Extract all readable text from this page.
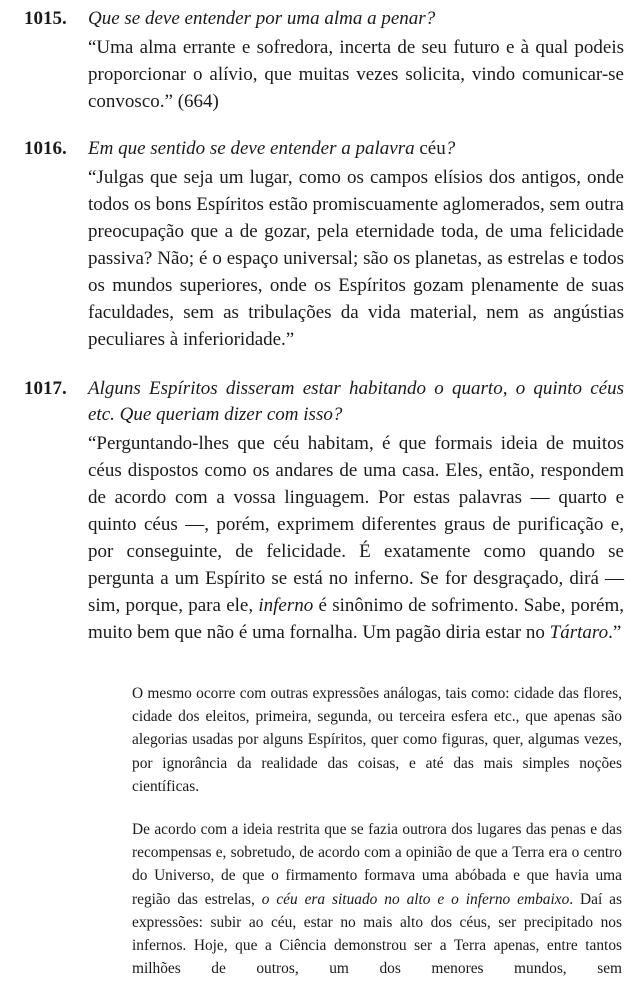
1015. Que se deve entender por uma alma a penar?
“Uma alma errante e sofredora, incerta de seu futuro e à qual podeis proporcionar o alívio, que muitas vezes solicita, vindo comunicar-se convosco.” (664)
1016. Em que sentido se deve entender a palavra céu?
“Julgas que seja um lugar, como os campos elísios dos antigos, onde todos os bons Espíritos estão promiscuamente aglomerados, sem outra preocupação que a de gozar, pela eternidade toda, de uma felicidade passiva? Não; é o espaço universal; são os planetas, as estrelas e todos os mundos superiores, onde os Espíritos gozam plenamente de suas faculdades, sem as tribulações da vida material, nem as angústias peculiares à inferioridade.”
1017. Alguns Espíritos disseram estar habitando o quarto, o quinto céus etc. Que queriam dizer com isso?
“Perguntando-lhes que céu habitam, é que formais ideia de muitos céus dispostos como os andares de uma casa. Eles, então, respondem de acordo com a vossa linguagem. Por estas palavras — quarto e quinto céus —, porém, exprimem diferentes graus de purificação e, por conseguinte, de felicidade. É exatamente como quando se pergunta a um Espírito se está no inferno. Se for desgraçado, dirá — sim, porque, para ele, inferno é sinônimo de sofrimento. Sabe, porém, muito bem que não é uma fornalha. Um pagão diria estar no Tártaro.”
O mesmo ocorre com outras expressões análogas, tais como: cidade das flores, cidade dos eleitos, primeira, segunda, ou terceira esfera etc., que apenas são alegorias usadas por alguns Espíritos, quer como figuras, quer, algumas vezes, por ignorância da realidade das coisas, e até das mais simples noções científicas.
De acordo com a ideia restrita que se fazia outrora dos lugares das penas e das recompensas e, sobretudo, de acordo com a opinião de que a Terra era o centro do Universo, de que o firmamento formava uma abóbada e que havia uma região das estrelas, o céu era situado no alto e o inferno embaixo. Daí as expressões: subir ao céu, estar no mais alto dos céus, ser precipitado nos infernos. Hoje, que a Ciência demonstrou ser a Terra apenas, entre tantos milhões de outros, um dos menores mundos, sem
